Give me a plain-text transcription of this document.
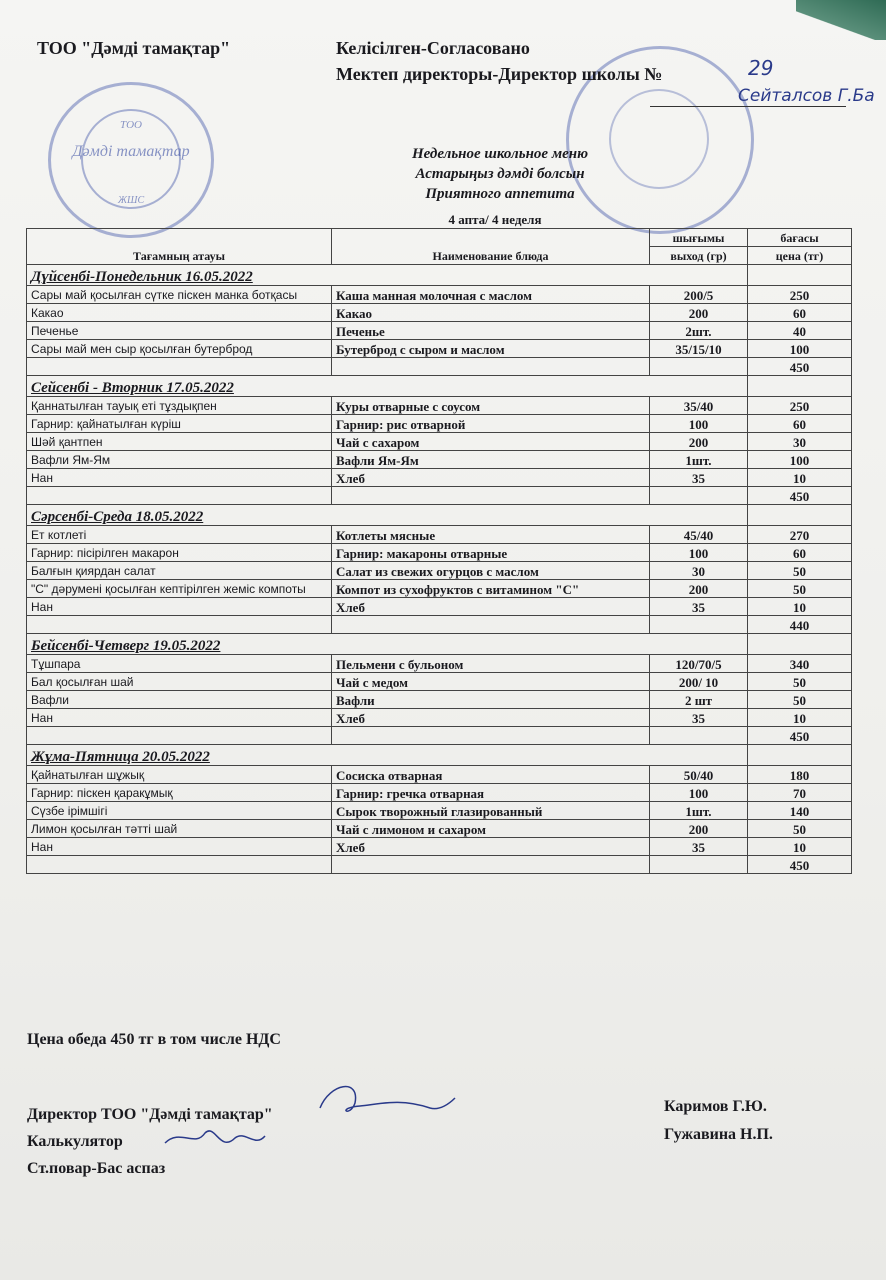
ТОО
Дәмді тамақтар
ЖШС
ТОО "Дәмді тамақтар"	Келісілген-Согласовано
Мектеп директоры-Директор школы №	29
Сейталсов Г.Ба
Недельное школьное меню
Астарыңыз дәмді болсын
Приятного аппетита
4 апта/ 4 неделя
Тағамның атауы	Наименование блюда	шығымы	бағасы
		выход (гр)	цена (тг)
Дүйсенбі-Понедельник 16.05.2022			
Сары май қосылған сүтке піскен манка ботқасы	Каша манная молочная с маслом	200/5	250
Какао	Какао	200	60
Печенье	Печенье	2шт.	40
Сары май мен сыр қосылған бутерброд	Бутерброд с сыром и маслом	35/15/10	100
			450
Сейсенбі - Вторник 17.05.2022			
Қаннатылған тауық еті тұздықпен	Куры отварные с соусом	35/40	250
Гарнир: қайнатылған күріш	Гарнир: рис отварной	100	60
Шәй қантпен	Чай с сахаром	200	30
Вафли Ям-Ям	Вафли Ям-Ям	1шт.	100
Нан	Хлеб	35	10
			450
Сәрсенбі-Среда 18.05.2022			
Ет котлеті	Котлеты мясные	45/40	270
Гарнир: пісірілген макарон	Гарнир: макароны отварные	100	60
Балғын қиярдан салат	Салат из свежих огурцов с маслом	30	50
"С" дәрумені қосылған кептірілген жеміс компоты	Компот из сухофруктов с витамином "С"	200	50
Нан	Хлеб	35	10
			440
Бейсенбі-Четверг 19.05.2022			
Тұшпара	Пельмени с бульоном	120/70/5	340
Бал қосылған шай	Чай с медом	200/ 10	50
Вафли	Вафли	2 шт	50
Нан	Хлеб	35	10
			450
Жұма-Пятница 20.05.2022			
Қайнатылған шұжық	Сосиска отварная	50/40	180
Гарнир: піскен қаракұмық	Гарнир: гречка отварная	100	70
Сүзбе ірімшігі	Сырок творожный глазированный	1шт.	140
Лимон қосылған тәтті шай	Чай с лимоном и сахаром	200	50
Нан	Хлеб	35	10
			450
Цена обеда 450 тг в том числе НДС
Директор ТОО "Дәмді тамақтар"	Каримов Г.Ю.
Калькулятор	Гужавина Н.П.
Ст.повар-Бас аспаз
